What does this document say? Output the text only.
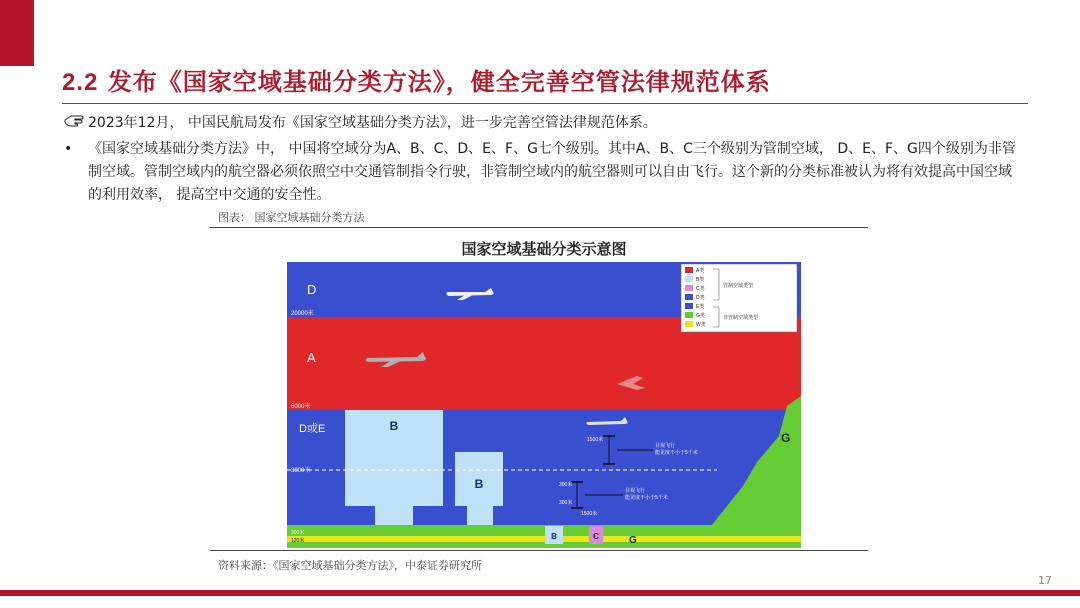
2.2 发布《国家空域基础分类方法》，健全完善空管法律规范体系
2023年12月， 中国民航局发布《国家空域基础分类方法》，进一步完善空管法律规范体系。
•	《国家空域基础分类方法》中， 中国将空域分为A、B、C、D、E、F、G七个级别。其中A、B、C三个级别为管制空域， D、E、F、G四个级别为非管制空域。管制空域内的航空器必须依照空中交通管制指令行驶，非管制空域内的航空器则可以自由飞行。这个新的分类标准被认为将有效提高中国空域的利用效率， 提高空中交通的安全性。
图表： 国家空域基础分类方法
国家空域基础分类示意图
D
20000米
A
6000米
D或E
3000米
B
B
目视飞行
能见度不小于5千米
1500米
目视飞行
能见度不小于5千米
300米
300米
1500米
G
G
300米
120米	B	C
A类
B类
C类
D类
E类
G类
W类
管制空域类型
非管制空域类型
资料来源：《国家空域基础分类方法》，中泰证券研究所
17
